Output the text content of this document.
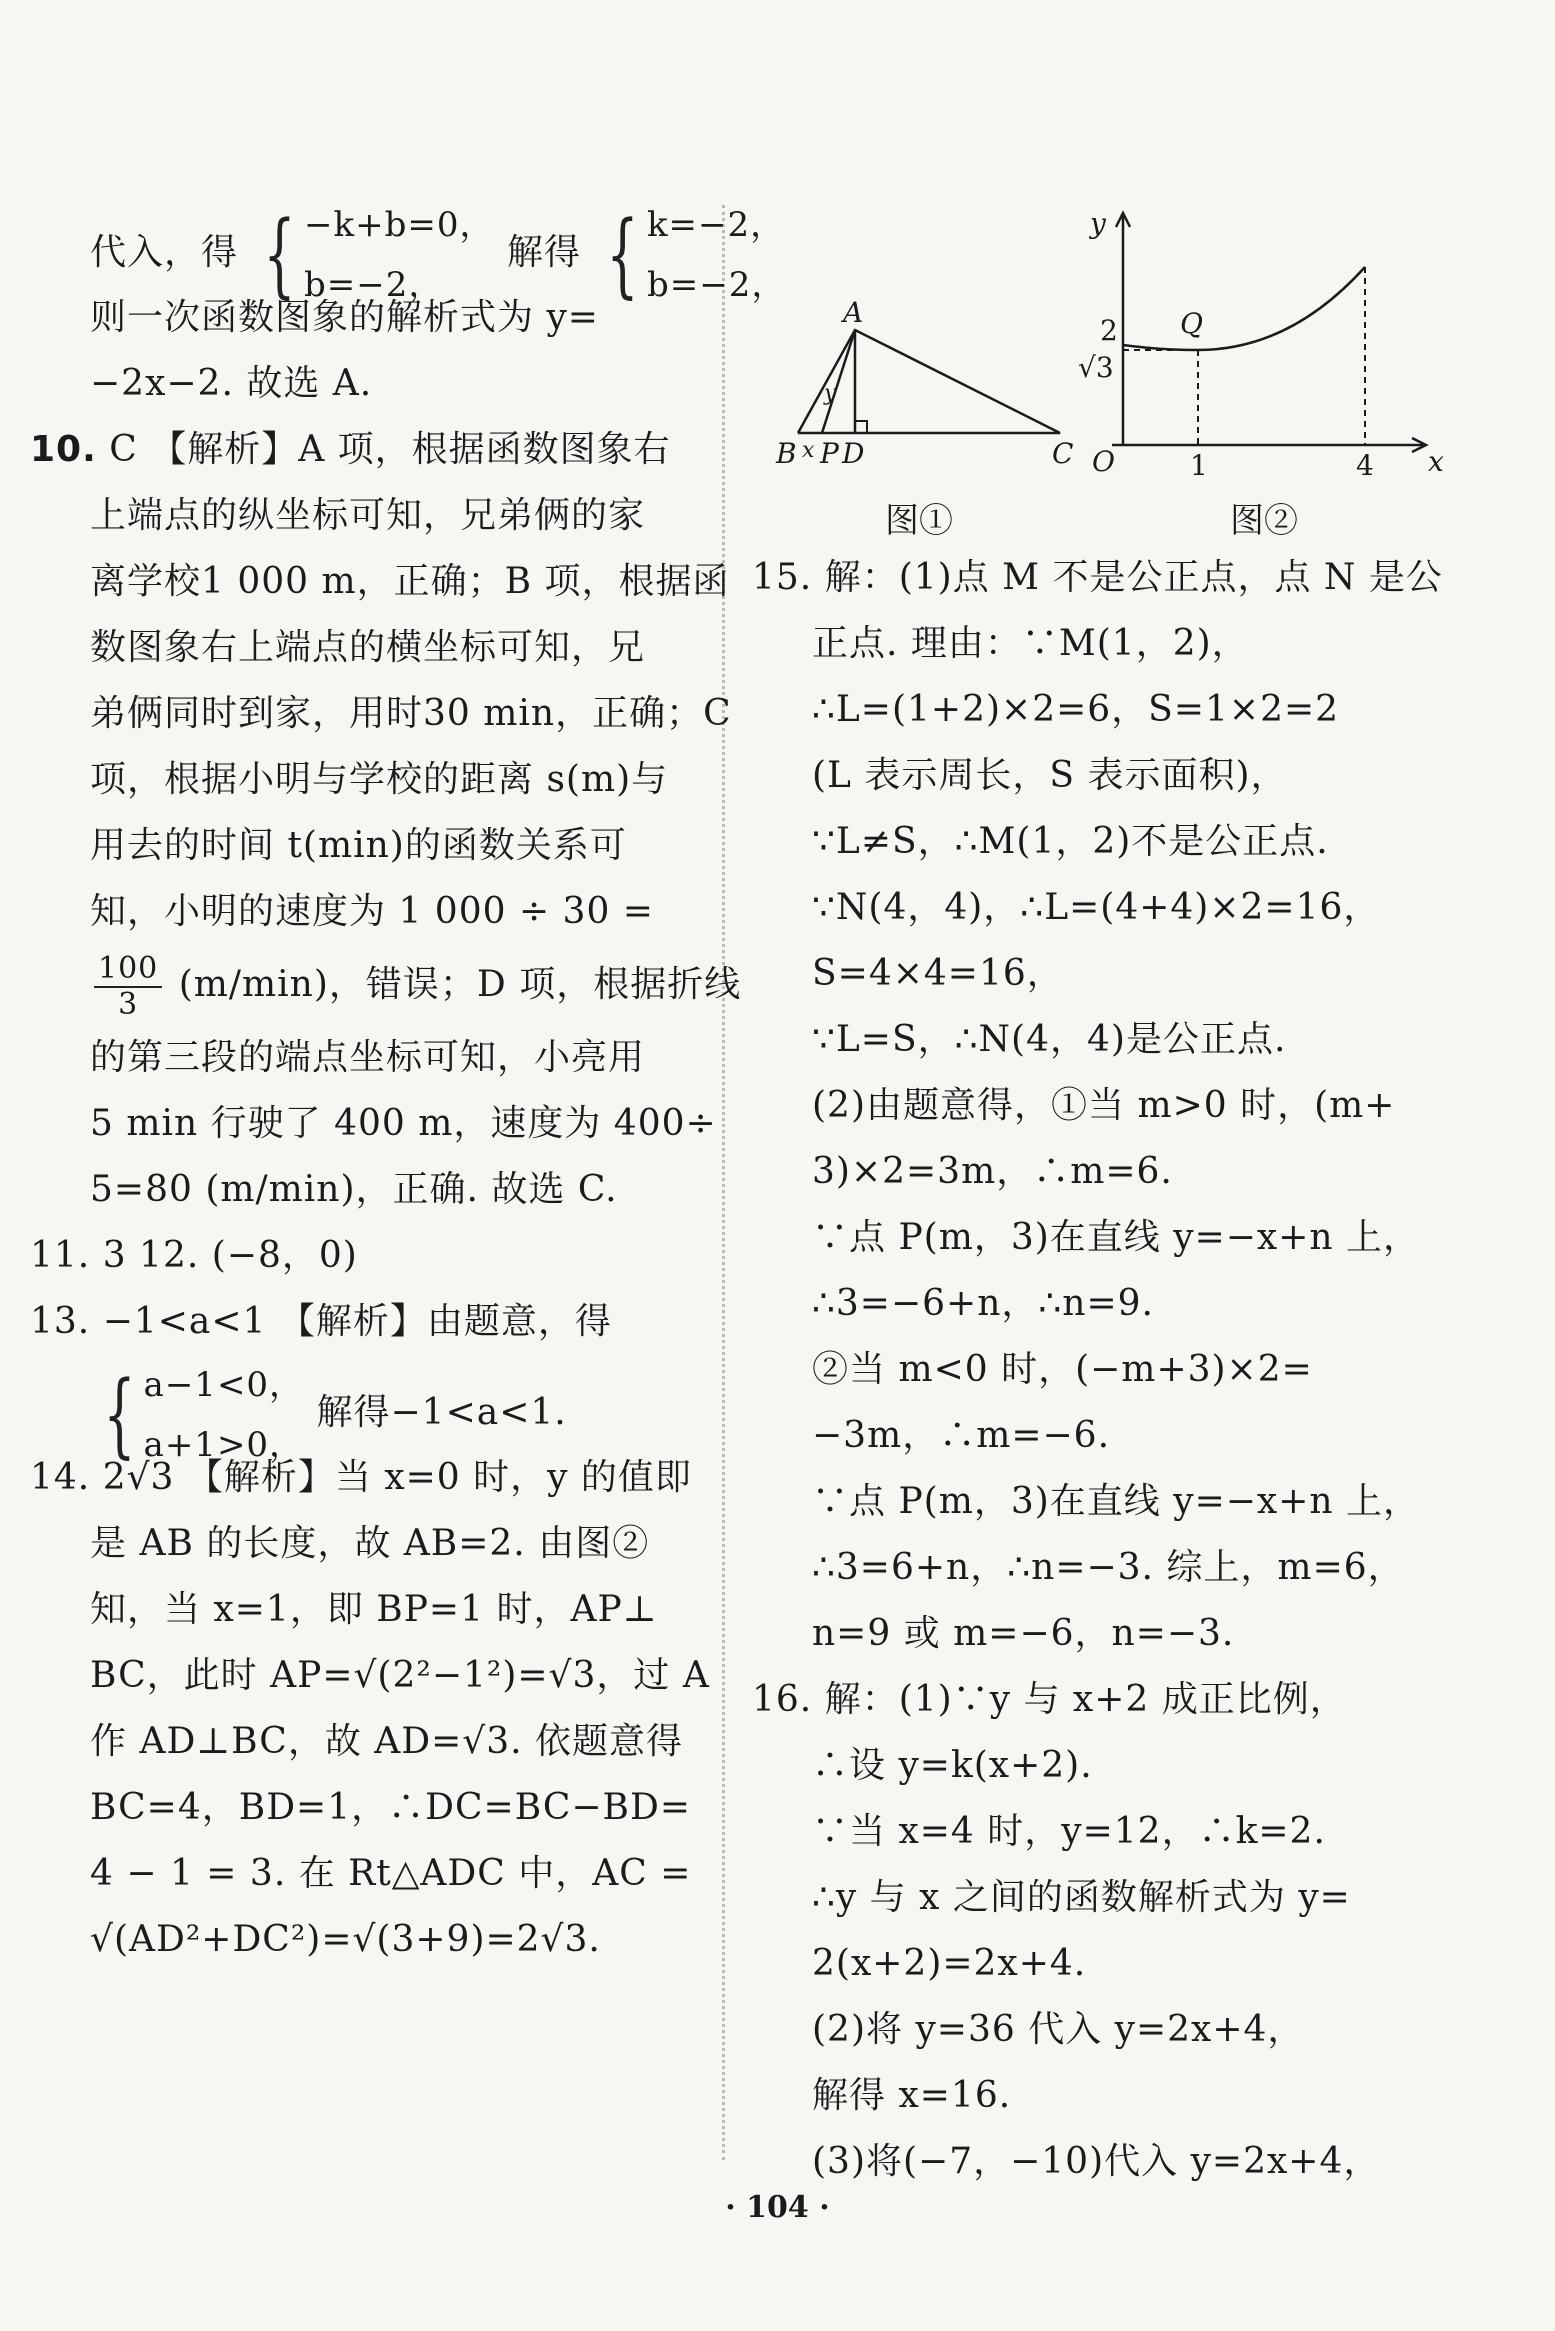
代入，得 { −k+b=0，
b=−2，
解得 { k=−2，
b=−2，
则一次函数图象的解析式为 y=
−2x−2. 故选 A.
10. C 【解析】A 项，根据函数图象右
上端点的纵坐标可知，兄弟俩的家
离学校1 000 m，正确；B 项，根据函
数图象右上端点的横坐标可知，兄
弟俩同时到家，用时30 min，正确；C
项，根据小明与学校的距离 s(m)与
用去的时间 t(min)的函数关系可
知，小明的速度为 1 000 ÷ 30 =
$\frac{100}{3} (m/\min)$，错误；D 项，根据折线
的第三段的端点坐标可知，小亮用
5 min 行驶了 400 m，速度为 400÷
5=80 (m/min)，正确. 故选 C.
11. 3 12. (−8，0)
13. −1<a<1 【解析】由题意，得
{ a−1<0，
a+1>0，
解得−1<a<1.
14. 2√3 【解析】当 x=0 时，y 的值即
是 AB 的长度，故 AB=2. 由图②
知，当 x=1，即 BP=1 时，AP⊥
BC，此时 AP=√(2²−1²)=√3，过 A
作 AD⊥BC，故 AD=√3. 依题意得
BC=4，BD=1，∴DC=BC−BD=
4 − 1 = 3. 在 Rt△ADC 中，AC =
√(AD²+DC²)=√(3+9)=2√3.
A
B x P D	C
y
y
x
O
2
√3
Q
1	4
图①	图②
15. 解：(1)点 M 不是公正点，点 N 是公
正点. 理由：∵M(1，2)，
∴L=(1+2)×2=6，S=1×2=2
(L 表示周长，S 表示面积)，
∵L≠S，∴M(1，2)不是公正点.
∵N(4，4)，∴L=(4+4)×2=16，
S=4×4=16，
∵L=S，∴N(4，4)是公正点.
(2)由题意得，①当 m>0 时，(m+
3)×2=3m，∴m=6.
∵点 P(m，3)在直线 y=−x+n 上，
∴3=−6+n，∴n=9.
②当 m<0 时，(−m+3)×2=
−3m，∴m=−6.
∵点 P(m，3)在直线 y=−x+n 上，
∴3=6+n，∴n=−3. 综上，m=6，
n=9 或 m=−6，n=−3.
16. 解：(1)∵y 与 x+2 成正比例，
∴设 y=k(x+2).
∵当 x=4 时，y=12，∴k=2.
∴y 与 x 之间的函数解析式为 y=
2(x+2)=2x+4.
(2)将 y=36 代入 y=2x+4，
解得 x=16.
(3)将(−7，−10)代入 y=2x+4，
· 104 ·
